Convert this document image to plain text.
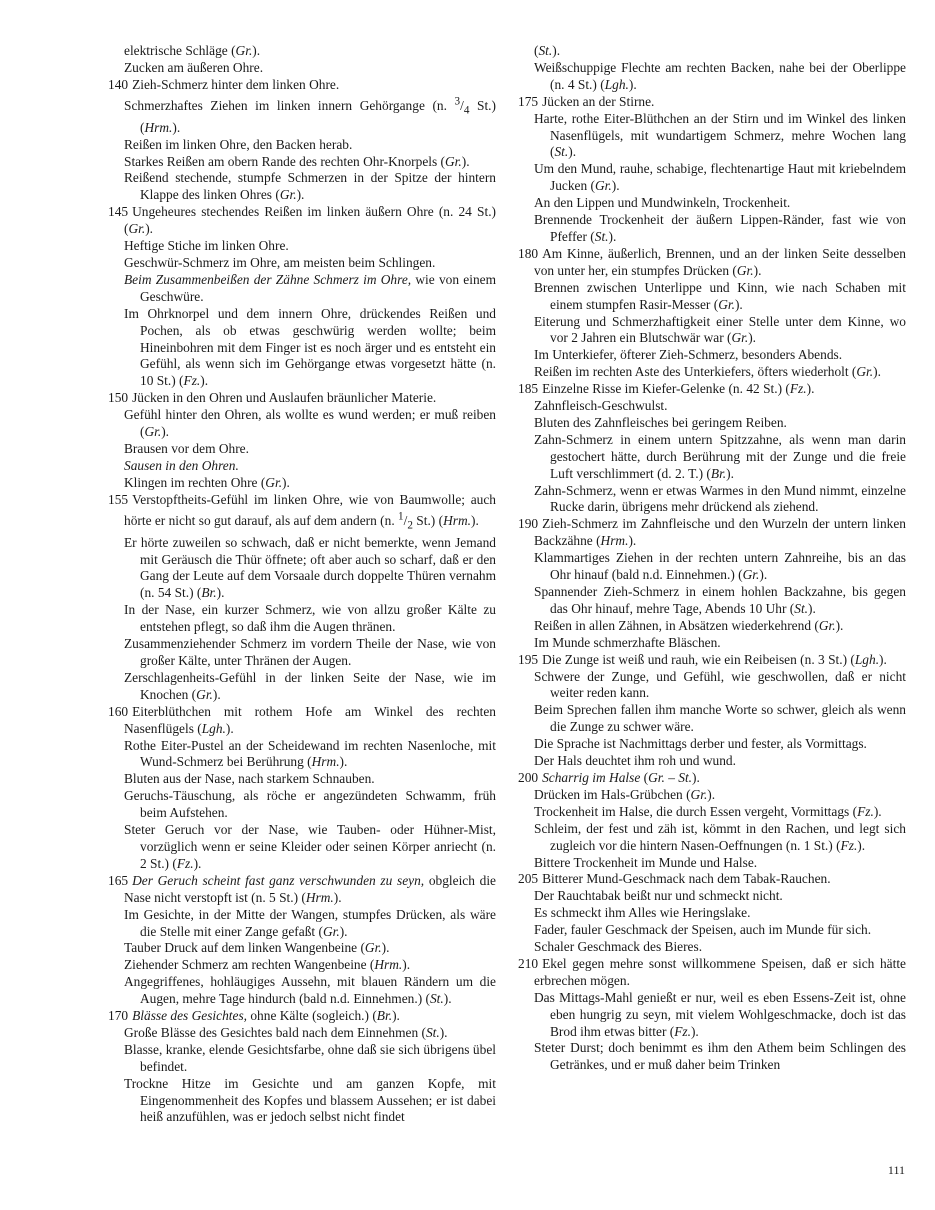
elektrische Schläge (Gr.).

Zucken am äußeren Ohre.

140 Zieh-Schmerz hinter dem linken Ohre.

Schmerzhaftes Ziehen im linken innern Gehörgange (n. $^3/_4$ St.) (Hrm.).

Reißen im linken Ohre, den Backen herab.

Starkes Reißen am obern Rande des rechten Ohr-Knorpels (Gr.).

Reißend stechende, stumpfe Schmerzen in der Spitze der hintern Klappe des linken Ohres (Gr.).

145 Ungeheures stechendes Reißen im linken äußern Ohre (n. 24 St.) (Gr.).

Heftige Stiche im linken Ohre.

Geschwür-Schmerz im Ohre, am meisten beim Schlingen.

Beim Zusammenbeißen der Zähne Schmerz im Ohre, wie von einem Geschwüre.

Im Ohrknorpel und dem innern Ohre, drückendes Reißen und Pochen, als ob etwas geschwürig werden wollte; beim Hineinbohren mit dem Finger ist es noch ärger und es entsteht ein Gefühl, als wenn sich im Gehörgange etwas vorgesetzt hätte (n. 10 St.) (Fz.).

150 Jücken in den Ohren und Auslaufen bräunlicher Materie.

Gefühl hinter den Ohren, als wollte es wund werden; er muß reiben (Gr.).

Brausen vor dem Ohre.

Sausen in den Ohren.

Klingen im rechten Ohre (Gr.).

155 Verstopftheits-Gefühl im linken Ohre, wie von Baumwolle; auch hörte er nicht so gut darauf, als auf dem andern (n. $^1/_2$ St.) (Hrm.).

Er hörte zuweilen so schwach, daß er nicht bemerkte, wenn Jemand mit Geräusch die Thür öffnete; oft aber auch so scharf, daß er den Gang der Leute auf dem Vorsaale durch doppelte Thüren vernahm (n. 54 St.) (Br.).

In der Nase, ein kurzer Schmerz, wie von allzu großer Kälte zu entstehen pflegt, so daß ihm die Augen thränen.

Zusammenziehender Schmerz im vordern Theile der Nase, wie von großer Kälte, unter Thränen der Augen.

Zerschlagenheits-Gefühl in der linken Seite der Nase, wie im Knochen (Gr.).

160 Eiterblüthchen mit rothem Hofe am Winkel des rechten Nasenflügels (Lgh.).

Rothe Eiter-Pustel an der Scheidewand im rechten Nasenloche, mit Wund-Schmerz bei Berührung (Hrm.).

Bluten aus der Nase, nach starkem Schnauben.

Geruchs-Täuschung, als röche er angezündeten Schwamm, früh beim Aufstehen.

Steter Geruch vor der Nase, wie Tauben- oder Hühner-Mist, vorzüglich wenn er seine Kleider oder seinen Körper anriecht (n. 2 St.) (Fz.).

165 Der Geruch scheint fast ganz verschwunden zu seyn, obgleich die Nase nicht verstopft ist (n. 5 St.) (Hrm.).

Im Gesichte, in der Mitte der Wangen, stumpfes Drücken, als wäre die Stelle mit einer Zange gefaßt (Gr.).

Tauber Druck auf dem linken Wangenbeine (Gr.).

Ziehender Schmerz am rechten Wangenbeine (Hrm.).

Angegriffenes, hohläugiges Aussehn, mit blauen Rändern um die Augen, mehre Tage hindurch (bald n.d. Einnehmen.) (St.).

170 Blässe des Gesichtes, ohne Kälte (sogleich.) (Br.).

Große Blässe des Gesichtes bald nach dem Einnehmen (St.).

Blasse, kranke, elende Gesichtsfarbe, ohne daß sie sich übrigens übel befindet.

Trockne Hitze im Gesichte und am ganzen Kopfe, mit Eingenommenheit des Kopfes und blassem Aussehen; er ist dabei heiß anzufühlen, was er jedoch selbst nicht findet

(St.).

Weißschuppige Flechte am rechten Backen, nahe bei der Oberlippe (n. 4 St.) (Lgh.).

175 Jücken an der Stirne.

Harte, rothe Eiter-Blüthchen an der Stirn und im Winkel des linken Nasenflügels, mit wundartigem Schmerz, mehre Wochen lang (St.).

Um den Mund, rauhe, schabige, flechtenartige Haut mit kriebelndem Jucken (Gr.).

An den Lippen und Mundwinkeln, Trockenheit.

Brennende Trockenheit der äußern Lippen-Ränder, fast wie von Pfeffer (St.).

180 Am Kinne, äußerlich, Brennen, und an der linken Seite desselben von unter her, ein stumpfes Drücken (Gr.).

Brennen zwischen Unterlippe und Kinn, wie nach Schaben mit einem stumpfen Rasir-Messer (Gr.).

Eiterung und Schmerzhaftigkeit einer Stelle unter dem Kinne, wo vor 2 Jahren ein Blutschwär war (Gr.).

Im Unterkiefer, öfterer Zieh-Schmerz, besonders Abends.

Reißen im rechten Aste des Unterkiefers, öfters wiederholt (Gr.).

185 Einzelne Risse im Kiefer-Gelenke (n. 42 St.) (Fz.).

Zahnfleisch-Geschwulst.

Bluten des Zahnfleisches bei geringem Reiben.

Zahn-Schmerz in einem untern Spitzzahne, als wenn man darin gestochert hätte, durch Berührung mit der Zunge und die freie Luft verschlimmert (d. 2. T.) (Br.).

Zahn-Schmerz, wenn er etwas Warmes in den Mund nimmt, einzelne Rucke darin, übrigens mehr drückend als ziehend.

190 Zieh-Schmerz im Zahnfleische und den Wurzeln der untern linken Backzähne (Hrm.).

Klammartiges Ziehen in der rechten untern Zahnreihe, bis an das Ohr hinauf (bald n.d. Einnehmen.) (Gr.).

Spannender Zieh-Schmerz in einem hohlen Backzahne, bis gegen das Ohr hinauf, mehre Tage, Abends 10 Uhr (St.).

Reißen in allen Zähnen, in Absätzen wiederkehrend (Gr.).

Im Munde schmerzhafte Bläschen.

195 Die Zunge ist weiß und rauh, wie ein Reibeisen (n. 3 St.) (Lgh.).

Schwere der Zunge, und Gefühl, wie geschwollen, daß er nicht weiter reden kann.

Beim Sprechen fallen ihm manche Worte so schwer, gleich als wenn die Zunge zu schwer wäre.

Die Sprache ist Nachmittags derber und fester, als Vormittags.

Der Hals deuchtet ihm roh und wund.

200 Scharrig im Halse (Gr. – St.).

Drücken im Hals-Grübchen (Gr.).

Trockenheit im Halse, die durch Essen vergeht, Vormittags (Fz.).

Schleim, der fest und zäh ist, kömmt in den Rachen, und legt sich zugleich vor die hintern Nasen-Oeffnungen (n. 1 St.) (Fz.).

Bittere Trockenheit im Munde und Halse.

205 Bitterer Mund-Geschmack nach dem Tabak-Rauchen.

Der Rauchtabak beißt nur und schmeckt nicht.

Es schmeckt ihm Alles wie Heringslake.

Fader, fauler Geschmack der Speisen, auch im Munde für sich.

Schaler Geschmack des Bieres.

210 Ekel gegen mehre sonst willkommene Speisen, daß er sich hätte erbrechen mögen.

Das Mittags-Mahl genießt er nur, weil es eben Essens-Zeit ist, ohne eben hungrig zu seyn, mit vielem Wohlgeschmacke, doch ist das Brod ihm etwas bitter (Fz.).

Steter Durst; doch benimmt es ihm den Athem beim Schlingen des Getränkes, und er muß daher beim Trinken

111
